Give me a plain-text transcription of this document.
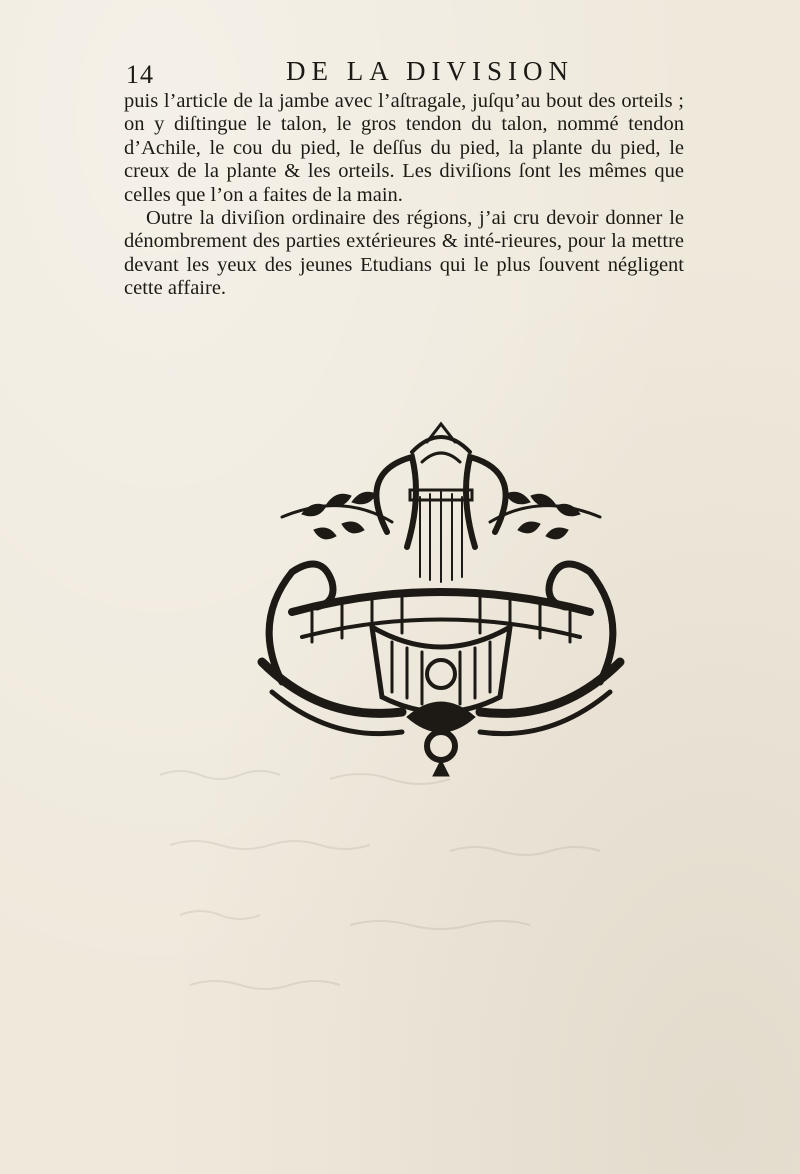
14	DE LA DIVISION

puis l’article de la jambe avec l’aſtragale, juſqu’au bout des orteils ; on y diſtingue le talon, le gros tendon du talon, nommé tendon d’Achile, le cou du pied, le deſſus du pied, la plante du pied, le creux de la plante & les orteils. Les diviſions ſont les mêmes que celles que l’on a faites de la main.

Outre la diviſion ordinaire des régions, j’ai cru devoir donner le dénombrement des parties extérieures & inté-rieures, pour la mettre devant les yeux des jeunes Etudians qui le plus ſouvent négligent cette affaire.
